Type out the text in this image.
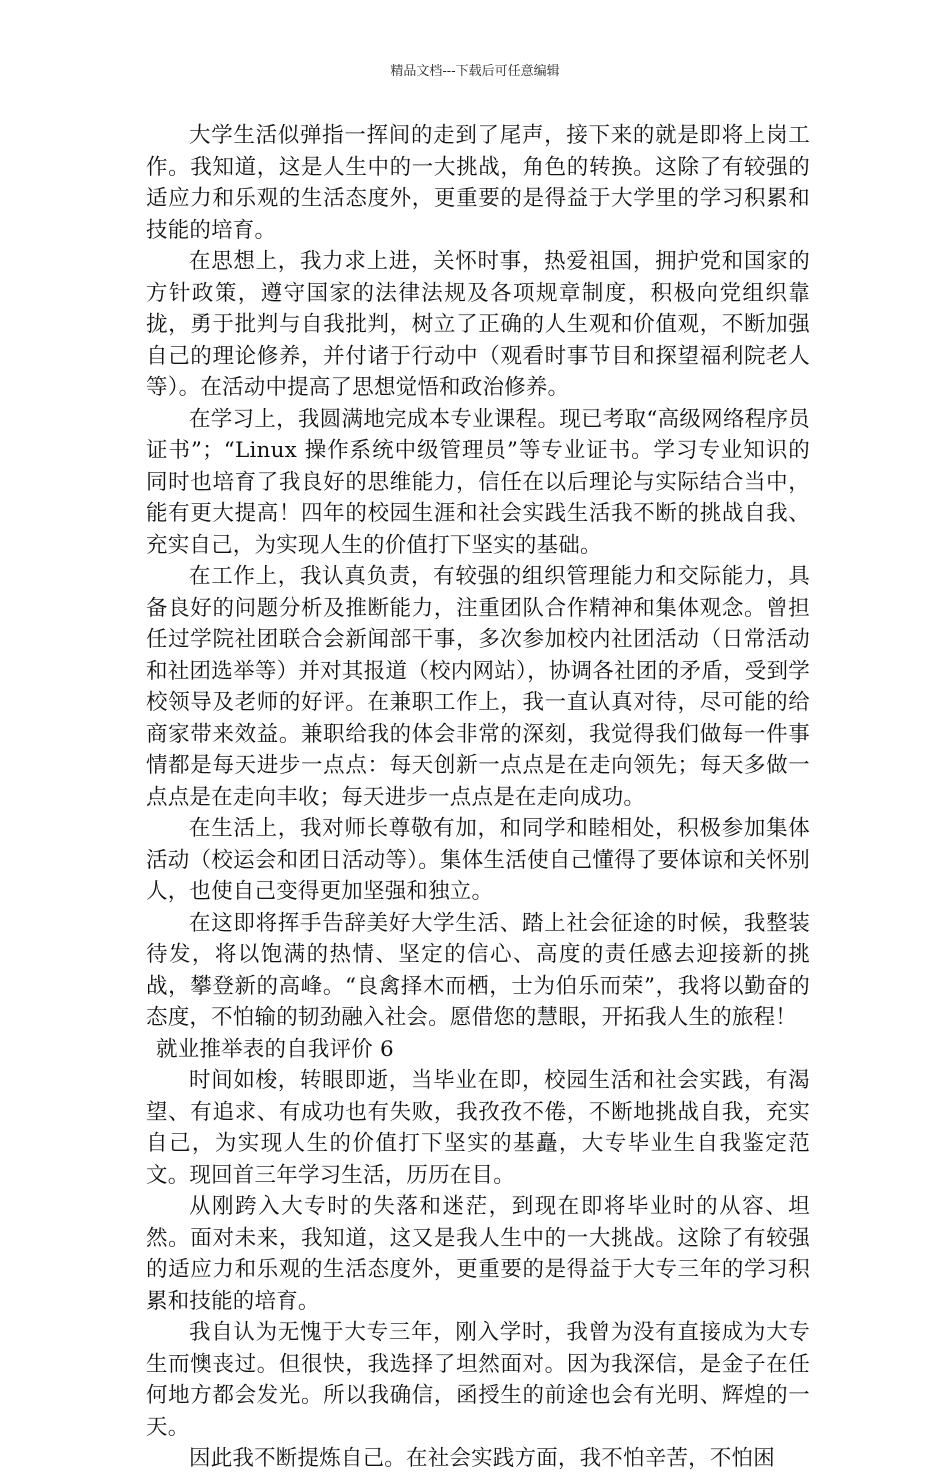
精品文档---下载后可任意编辑

大学生活似弹指一挥间的走到了尾声，接下来的就是即将上岗工作。我知道，这是人生中的一大挑战，角色的转换。这除了有较强的适应力和乐观的生活态度外，更重要的是得益于大学里的学习积累和技能的培育。

在思想上，我力求上进，关怀时事，热爱祖国，拥护党和国家的方针政策，遵守国家的法律法规及各项规章制度，积极向党组织靠拢，勇于批判与自我批判，树立了正确的人生观和价值观，不断加强自己的理论修养，并付诸于行动中（观看时事节目和探望福利院老人等）。在活动中提高了思想觉悟和政治修养。

在学习上，我圆满地完成本专业课程。现已考取“高级网络程序员证书”；“Linux 操作系统中级管理员”等专业证书。学习专业知识的同时也培育了我良好的思维能力，信任在以后理论与实际结合当中，能有更大提高！四年的校园生涯和社会实践生活我不断的挑战自我、充实自己，为实现人生的价值打下坚实的基础。

在工作上，我认真负责，有较强的组织管理能力和交际能力，具备良好的问题分析及推断能力，注重团队合作精神和集体观念。曾担任过学院社团联合会新闻部干事，多次参加校内社团活动（日常活动和社团选举等）并对其报道（校内网站），协调各社团的矛盾，受到学校领导及老师的好评。在兼职工作上，我一直认真对待，尽可能的给商家带来效益。兼职给我的体会非常的深刻，我觉得我们做每一件事情都是每天进步一点点：每天创新一点点是在走向领先；每天多做一点点是在走向丰收；每天进步一点点是在走向成功。

在生活上，我对师长尊敬有加，和同学和睦相处，积极参加集体活动（校运会和团日活动等）。集体生活使自己懂得了要体谅和关怀别人，也使自己变得更加坚强和独立。

在这即将挥手告辞美好大学生活、踏上社会征途的时候，我整装待发，将以饱满的热情、坚定的信心、高度的责任感去迎接新的挑战，攀登新的高峰。“良禽择木而栖，士为伯乐而荣”，我将以勤奋的态度，不怕输的韧劲融入社会。愿借您的慧眼，开拓我人生的旅程！

就业推举表的自我评价 6

时间如梭，转眼即逝，当毕业在即，校园生活和社会实践，有渴望、有追求、有成功也有失败，我孜孜不倦，不断地挑战自我，充实自己，为实现人生的价值打下坚实的基矗，大专毕业生自我鉴定范文。现回首三年学习生活，历历在目。

从刚跨入大专时的失落和迷茫，到现在即将毕业时的从容、坦然。面对未来，我知道，这又是我人生中的一大挑战。这除了有较强的适应力和乐观的生活态度外，更重要的是得益于大专三年的学习积累和技能的培育。

我自认为无愧于大专三年，刚入学时，我曾为没有直接成为大专生而懊丧过。但很快，我选择了坦然面对。因为我深信，是金子在任何地方都会发光。所以我确信，函授生的前途也会有光明、辉煌的一天。

因此我不断提炼自己。在社会实践方面，我不怕辛苦，不怕困
